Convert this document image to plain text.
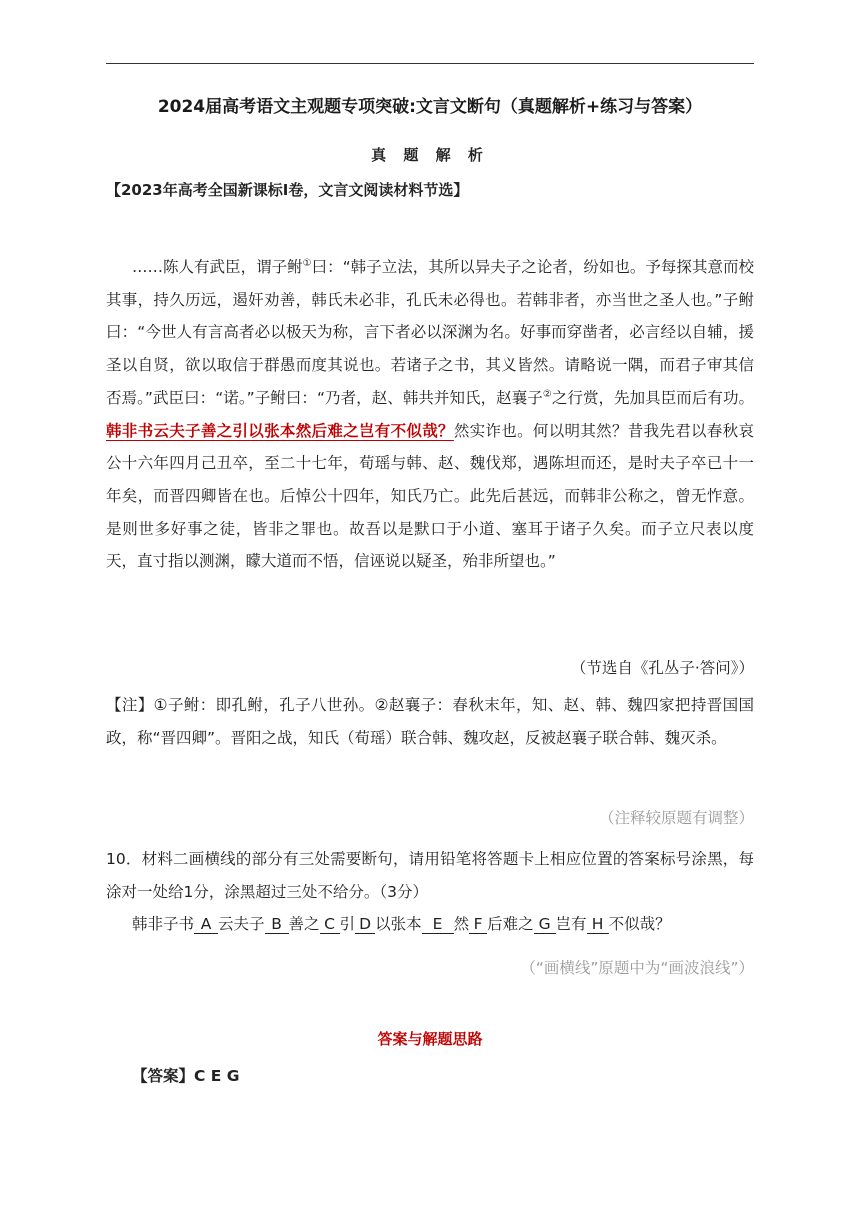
2024届高考语文主观题专项突破:文言文断句（真题解析+练习与答案）
真 题 解 析
【2023年高考全国新课标Ⅰ卷，文言文阅读材料节选】
……陈人有武臣，谓子鲋①曰：“韩子立法，其所以异夫子之论者，纷如也。予每探其意而校其事，持久历远，遏奸劝善，韩氏未必非，孔氏未必得也。若韩非者，亦当世之圣人也。”子鲋曰：“今世人有言高者必以极天为称，言下者必以深渊为名。好事而穿凿者，必言经以自辅，援圣以自贤，欲以取信于群愚而度其说也。若诸子之书，其义皆然。请略说一隅，而君子审其信否焉。”武臣曰：“诺。”子鲋曰：“乃者，赵、韩共并知氏，赵襄子②之行赏，先加具臣而后有功。韩非书云夫子善之引以张本然后难之岂有不似哉？然实诈也。何以明其然？昔我先君以春秋哀公十六年四月己丑卒，至二十七年，荀瑶与韩、赵、魏伐郑，遇陈坦而还，是时夫子卒已十一年矣，而晋四卿皆在也。后悼公十四年，知氏乃亡。此先后甚远，而韩非公称之，曾无怍意。是则世多好事之徒，皆非之罪也。故吾以是默口于小道、塞耳于诸子久矣。而子立尺表以度天，直寸指以测渊，矇大道而不悟，信诬说以疑圣，殆非所望也。”
（节选自《孔丛子·答问》）
【注】①子鲋：即孔鲋，孔子八世孙。②赵襄子：春秋末年，知、赵、韩、魏四家把持晋国国政，称“晋四卿”。晋阳之战，知氏（荀瑶）联合韩、魏攻赵，反被赵襄子联合韩、魏灭杀。
（注释较原题有调整）
10．材料二画横线的部分有三处需要断句，请用铅笔将答题卡上相应位置的答案标号涂黑，每涂对一处给1分，涂黑超过三处不给分。（3分）
韩非子书 A 云夫子 B 善之 C 引 D 以张本 E 然 F 后难之 G 岂有 H 不似哉？
（“画横线”原题中为“画波浪线”）
答案与解题思路
【答案】C E G
